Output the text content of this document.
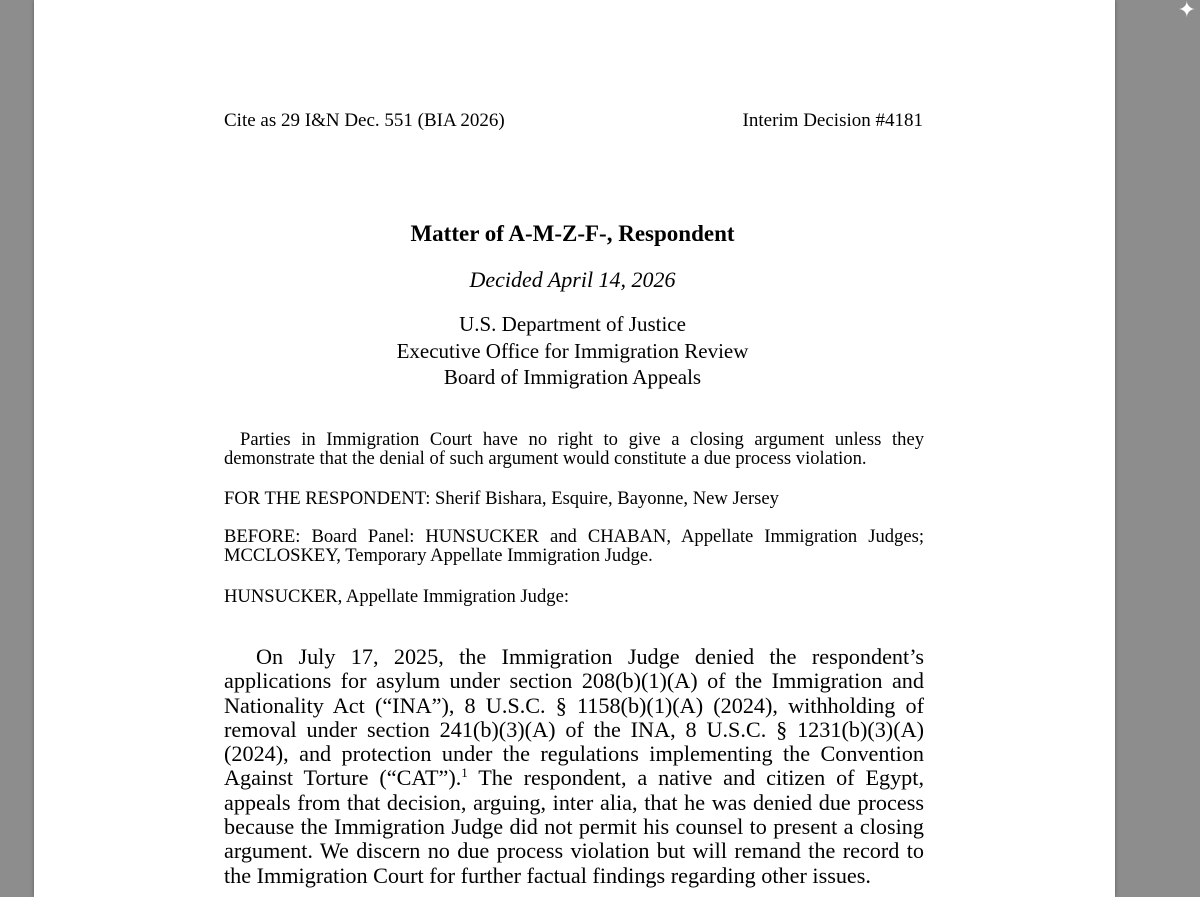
Cite as 29 I&N Dec. 551 (BIA 2026)	Interim Decision #4181
Matter of A-M-Z-F-, Respondent
Decided April 14, 2026
U.S. Department of Justice
Executive Office for Immigration Review
Board of Immigration Appeals
Parties in Immigration Court have no right to give a closing argument unless they demonstrate that the denial of such argument would constitute a due process violation.
FOR THE RESPONDENT: Sherif Bishara, Esquire, Bayonne, New Jersey
BEFORE: Board Panel: HUNSUCKER and CHABAN, Appellate Immigration Judges; MCCLOSKEY, Temporary Appellate Immigration Judge.
HUNSUCKER, Appellate Immigration Judge:
On July 17, 2025, the Immigration Judge denied the respondent’s applications for asylum under section 208(b)(1)(A) of the Immigration and Nationality Act (“INA”), 8 U.S.C. § 1158(b)(1)(A) (2024), withholding of removal under section 241(b)(3)(A) of the INA, 8 U.S.C. § 1231(b)(3)(A) (2024), and protection under the regulations implementing the Convention Against Torture (“CAT”).$^1$ The respondent, a native and citizen of Egypt, appeals from that decision, arguing, inter alia, that he was denied due process because the Immigration Judge did not permit his counsel to present a closing argument. We discern no due process violation but will remand the record to the Immigration Court for further factual findings regarding other issues.
✦
